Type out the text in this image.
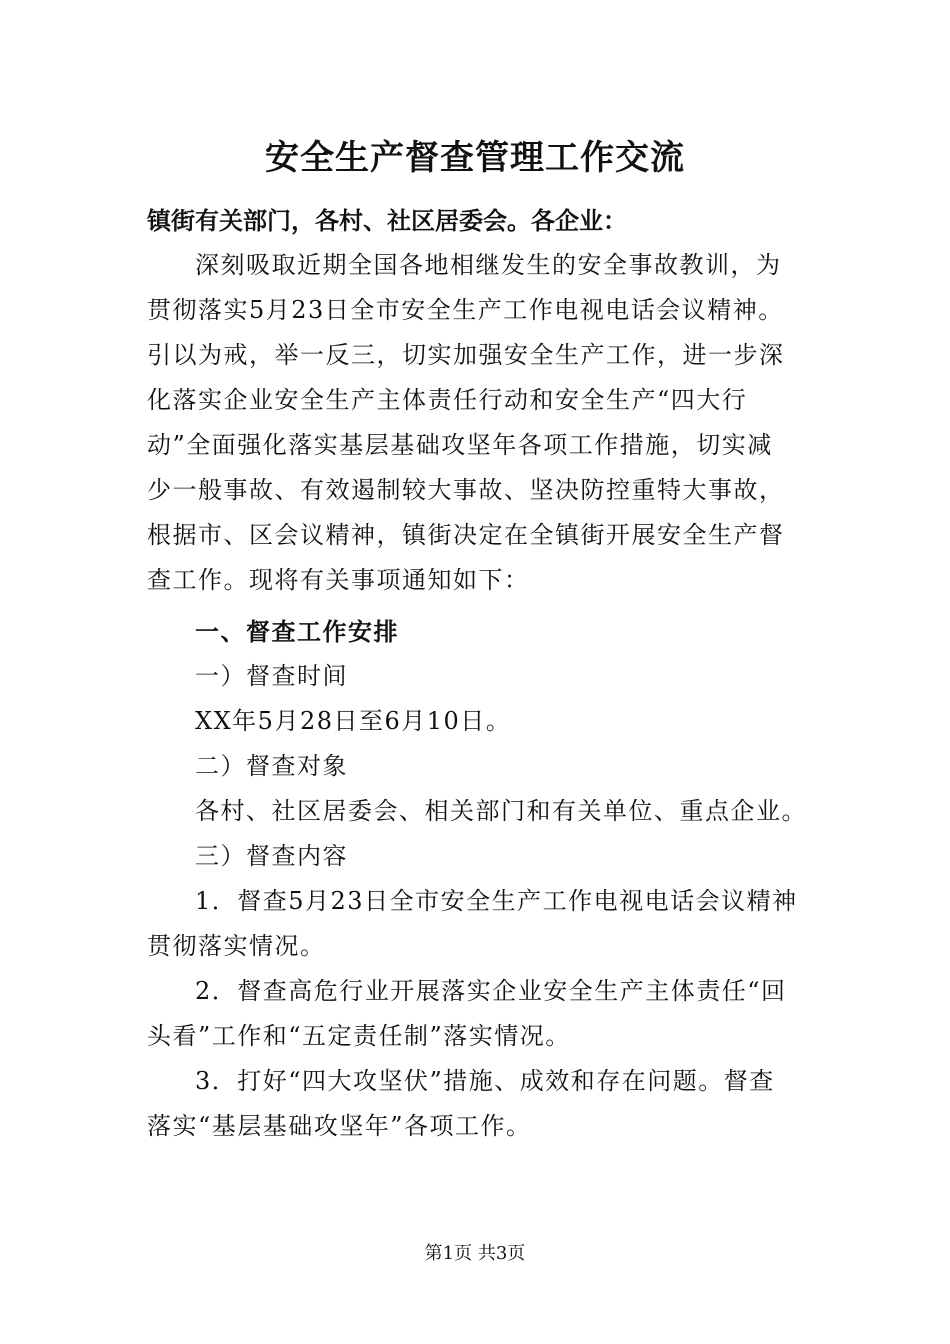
安全生产督查管理工作交流
镇街有关部门，各村、社区居委会。各企业：
深刻吸取近期全国各地相继发生的安全事故教训，为
贯彻落实5月23日全市安全生产工作电视电话会议精神。
引以为戒，举一反三，切实加强安全生产工作，进一步深
化落实企业安全生产主体责任行动和安全生产“四大行
动”全面强化落实基层基础攻坚年各项工作措施，切实减
少一般事故、有效遏制较大事故、坚决防控重特大事故，
根据市、区会议精神，镇街决定在全镇街开展安全生产督
查工作。现将有关事项通知如下：
一、督查工作安排
一）督查时间
XX年5月28日至6月10日。
二）督查对象
各村、社区居委会、相关部门和有关单位、重点企业。
三）督查内容
1．督查5月23日全市安全生产工作电视电话会议精神
贯彻落实情况。
2．督查高危行业开展落实企业安全生产主体责任“回
头看”工作和“五定责任制”落实情况。
3．打好“四大攻坚伏”措施、成效和存在问题。督查
落实“基层基础攻坚年”各项工作。
第1页 共3页
